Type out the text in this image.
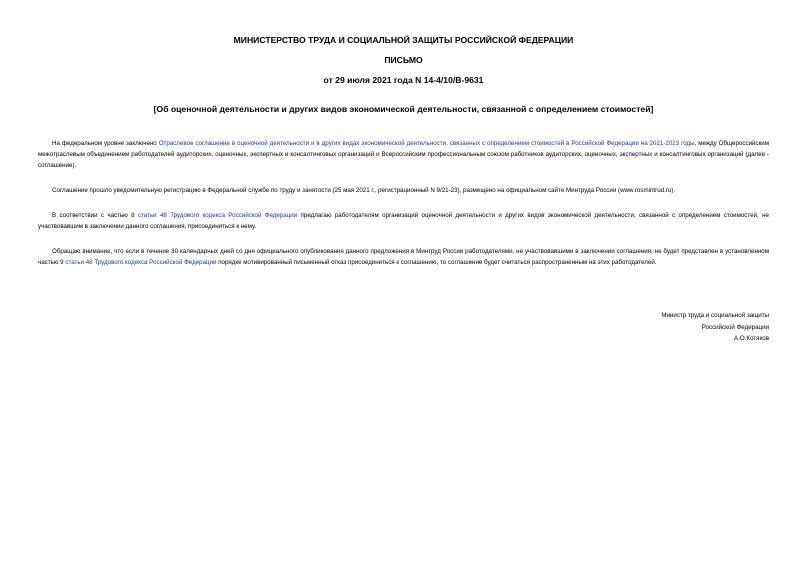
МИНИСТЕРСТВО ТРУДА И СОЦИАЛЬНОЙ ЗАЩИТЫ РОССИЙСКОЙ ФЕДЕРАЦИИ
ПИСЬМО
от 29 июля 2021 года N 14-4/10/В-9631
[Об оценочной деятельности и других видов экономической деятельности, связанной с определением стоимостей]

На федеральном уровне заключено Отраслевое соглашение в оценочной деятельности и в других видах экономической деятельности, связанных с определением стоимостей в Российской Федерации на 2021-2023 годы, между Общероссийским межотраслевым объединением работодателей аудиторских, оценочных, экспертных и консалтинговых организаций и Всероссийским профессиональным союзом работников аудиторских, оценочных, экспертных и консалтинговых организаций (далее - соглашение).

Соглашение прошло уведомительную регистрацию в Федеральной службе по труду и занятости (25 мая 2021 г., регистрационный N 9/21-23), размещено на официальном сайте Минтруда России (www.rosmintrud.ru).

В соответствии с частью 8 статьи 48 Трудового кодекса Российской Федерации предлагаю работодателям организаций оценочной деятельности и других видов экономической деятельности, связанной с определением стоимостей, не участвовавшим в заключении данного соглашения, присоединиться к нему.

Обращаю внимание, что если в течение 30 календарных дней со дня официального опубликования данного предложения в Минтруд России работодателями, не участвовавшими в заключении соглашения, не будет представлен в установленном частью 9 статьи 48 Трудового кодекса Российской Федерации порядке мотивированный письменный отказ присоединиться к соглашению, то соглашение будет считаться распространенным на этих работодателей.

Министр труда и социальной защиты
Российской Федерации
А.О.Котяков
